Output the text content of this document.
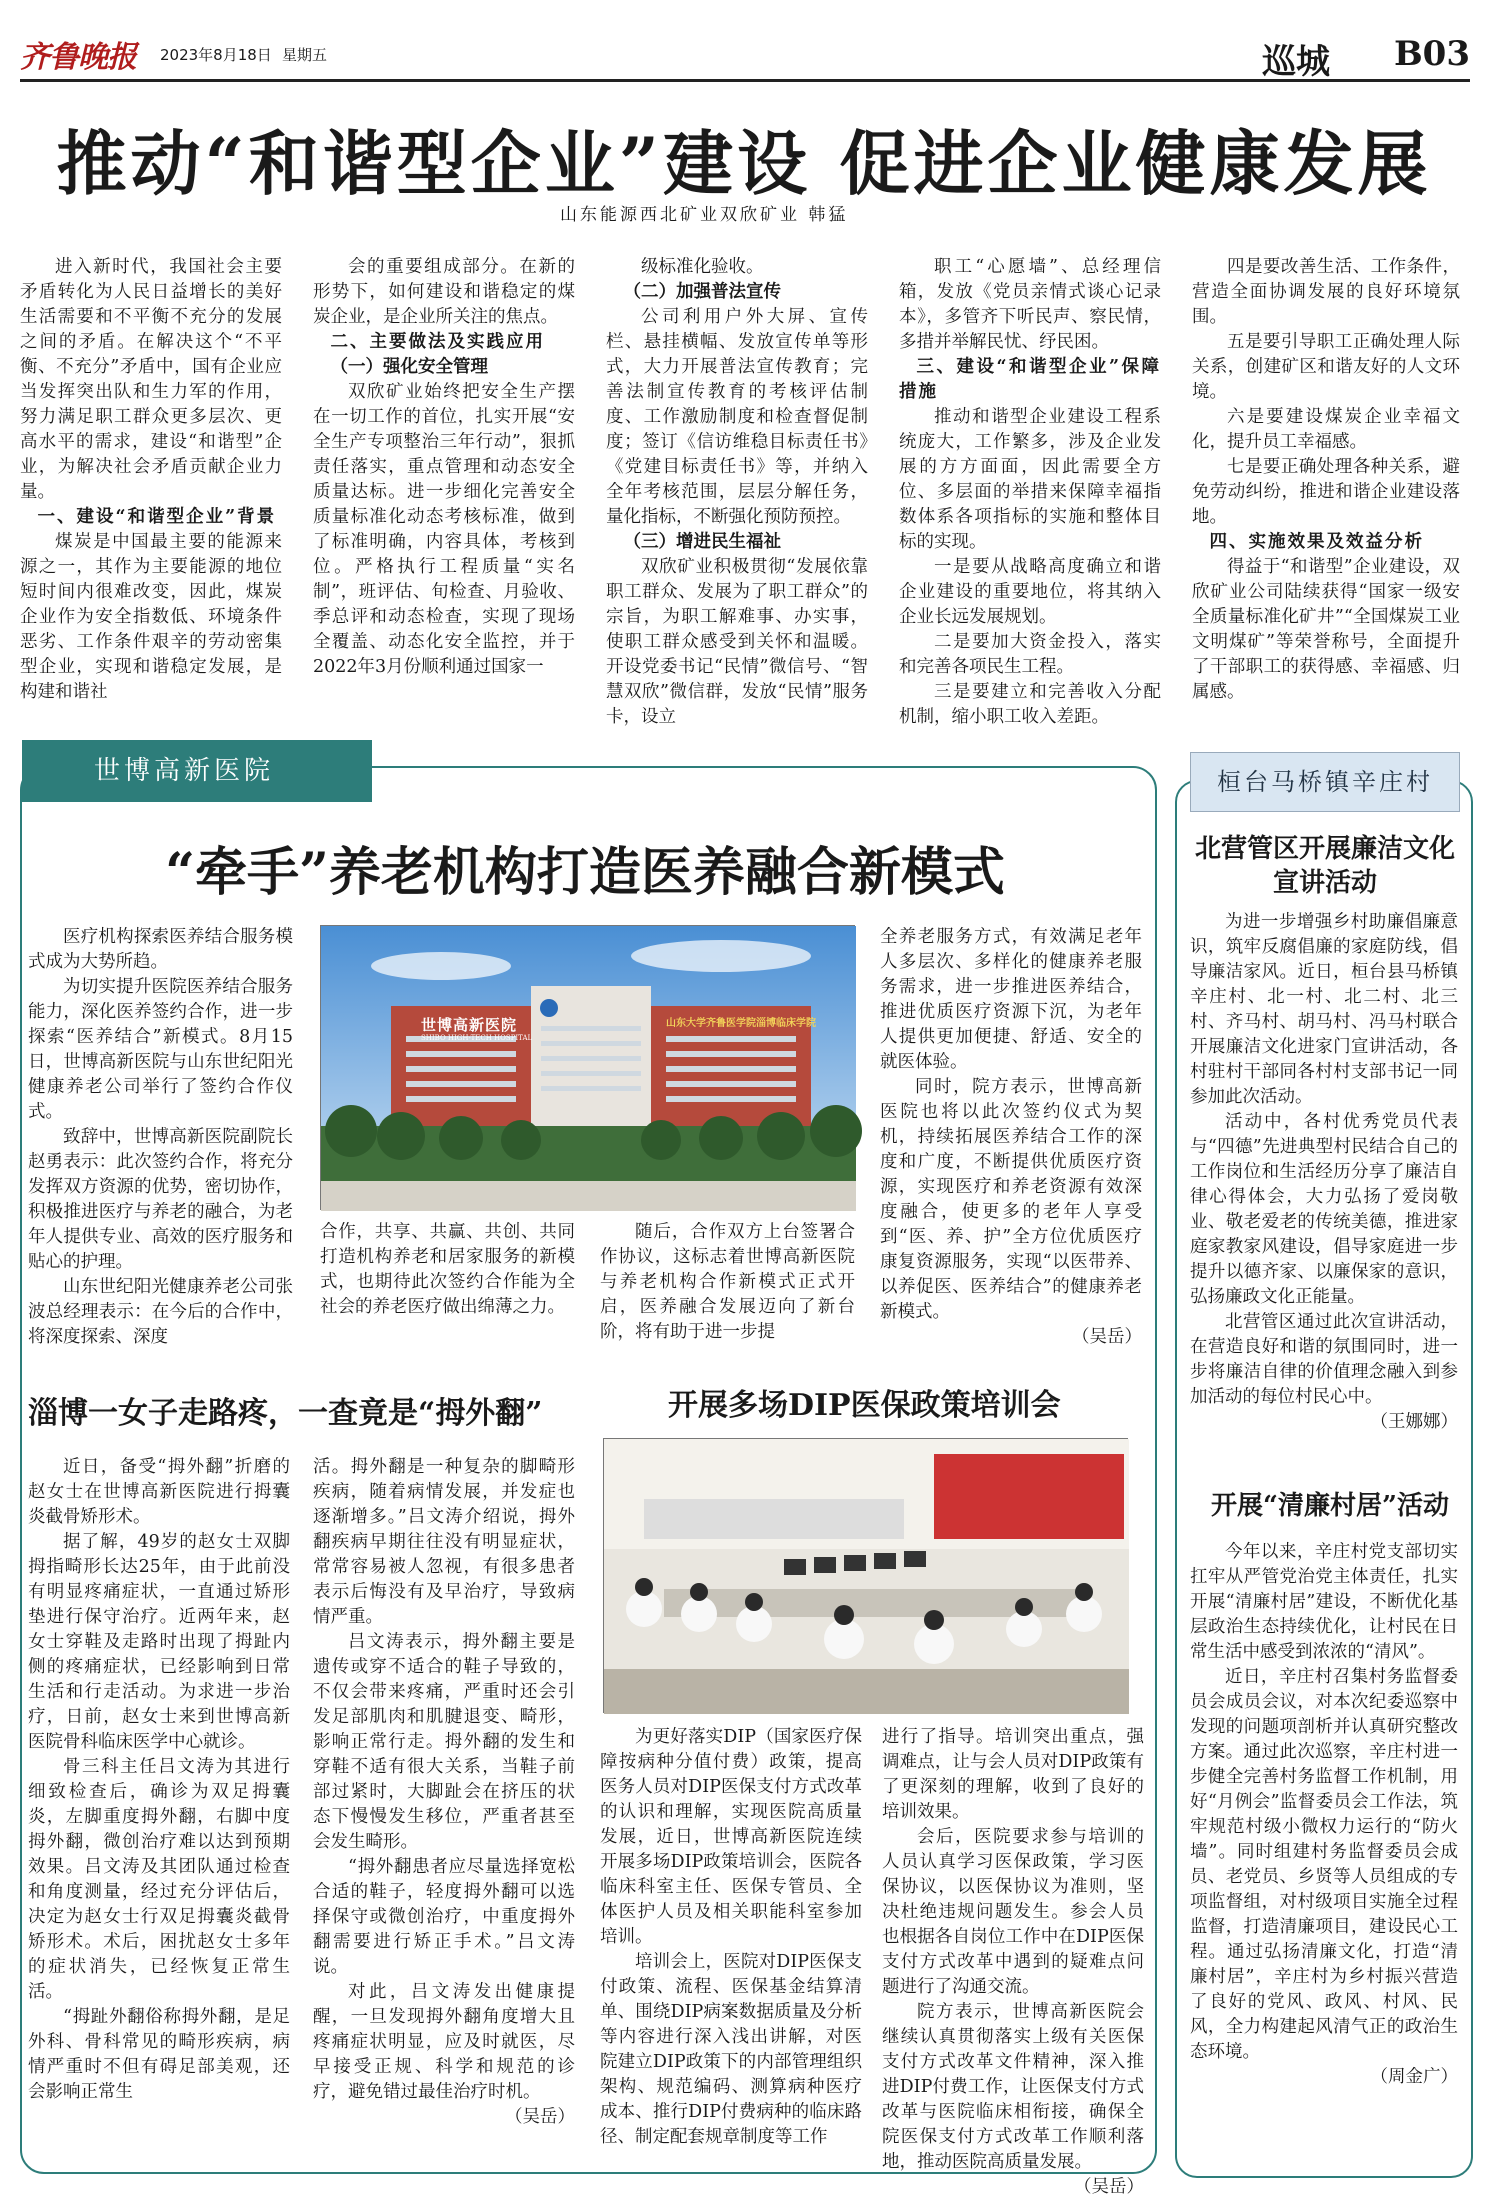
齐鲁晚报 2023年8月18日 星期五	巡城 B03
推动“和谐型企业”建设 促进企业健康发展
山东能源西北矿业双欣矿业 韩猛

进入新时代，我国社会主要矛盾转化为人民日益增长的美好生活需要和不平衡不充分的发展之间的矛盾。在解决这个“不平衡、不充分”矛盾中，国有企业应当发挥突出队和生力军的作用，努力满足职工群众更多层次、更高水平的需求，建设“和谐型”企业，为解决社会矛盾贡献企业力量。

一、建设“和谐型企业”背景

煤炭是中国最主要的能源来源之一，其作为主要能源的地位短时间内很难改变，因此，煤炭企业作为安全指数低、环境条件恶劣、工作条件艰辛的劳动密集型企业，实现和谐稳定发展，是构建和谐社

会的重要组成部分。在新的形势下，如何建设和谐稳定的煤炭企业，是企业所关注的焦点。

二、主要做法及实践应用

（一）强化安全管理

双欣矿业始终把安全生产摆在一切工作的首位，扎实开展“安全生产专项整治三年行动”，狠抓责任落实，重点管理和动态安全质量达标。进一步细化完善安全质量标准化动态考核标准，做到了标准明确，内容具体，考核到位。严格执行工程质量“实名制”，班评估、旬检查、月验收、季总评和动态检查，实现了现场全覆盖、动态化安全监控，并于2022年3月份顺利通过国家一

级标准化验收。

（二）加强普法宣传

公司利用户外大屏、宣传栏、悬挂横幅、发放宣传单等形式，大力开展普法宣传教育；完善法制宣传教育的考核评估制度、工作激励制度和检查督促制度；签订《信访维稳目标责任书》《党建目标责任书》等，并纳入全年考核范围，层层分解任务，量化指标，不断强化预防预控。

（三）增进民生福祉

双欣矿业积极贯彻“发展依靠职工群众、发展为了职工群众”的宗旨，为职工解难事、办实事，使职工群众感受到关怀和温暖。开设党委书记“民情”微信号、“智慧双欣”微信群，发放“民情”服务卡，设立

职工“心愿墙”、总经理信箱，发放《党员亲情式谈心记录本》，多管齐下听民声、察民情，多措并举解民忧、纾民困。

三、建设“和谐型企业”保障措施

推动和谐型企业建设工程系统庞大，工作繁多，涉及企业发展的方方面面，因此需要全方位、多层面的举措来保障幸福指数体系各项指标的实施和整体目标的实现。

一是要从战略高度确立和谐企业建设的重要地位，将其纳入企业长远发展规划。

二是要加大资金投入，落实和完善各项民生工程。

三是要建立和完善收入分配机制，缩小职工收入差距。

四是要改善生活、工作条件，营造全面协调发展的良好环境氛围。

五是要引导职工正确处理人际关系，创建矿区和谐友好的人文环境。

六是要建设煤炭企业幸福文化，提升员工幸福感。

七是要正确处理各种关系，避免劳动纠纷，推进和谐企业建设落地。

四、实施效果及效益分析

得益于“和谐型”企业建设，双欣矿业公司陆续获得“国家一级安全质量标准化矿井”“全国煤炭工业文明煤矿”等荣誉称号，全面提升了干部职工的获得感、幸福感、归属感。

世博高新医院
“牵手”养老机构打造医养融合新模式

医疗机构探索医养结合服务模式成为大势所趋。

为切实提升医院医养结合服务能力，深化医养签约合作，进一步探索“医养结合”新模式。8月15日，世博高新医院与山东世纪阳光健康养老公司举行了签约合作仪式。

致辞中，世博高新医院副院长赵勇表示：此次签约合作，将充分发挥双方资源的优势，密切协作，积极推进医疗与养老的融合，为老年人提供专业、高效的医疗服务和贴心的护理。

山东世纪阳光健康养老公司张波总经理表示：在今后的合作中，将深度探索、深度

世博高新医院
SHIBO HIGH-TECH HOSPITAL
山东大学齐鲁医学院淄博临床学院

合作，共享、共赢、共创、共同打造机构养老和居家服务的新模式，也期待此次签约合作能为全社会的养老医疗做出绵薄之力。

随后，合作双方上台签署合作协议，这标志着世博高新医院与养老机构合作新模式正式开启，医养融合发展迈向了新台阶，将有助于进一步提

全养老服务方式，有效满足老年人多层次、多样化的健康养老服务需求，进一步推进医养结合，推进优质医疗资源下沉，为老年人提供更加便捷、舒适、安全的就医体验。

同时，院方表示，世博高新医院也将以此次签约仪式为契机，持续拓展医养结合工作的深度和广度，不断提供优质医疗资源，实现医疗和养老资源有效深度融合，使更多的老年人享受到“医、养、护”全方位优质医疗康复资源服务，实现“以医带养、以养促医、医养结合”的健康养老新模式。

（吴岳）
淄博一女子走路疼，一查竟是“拇外翻”

近日，备受“拇外翻”折磨的赵女士在世博高新医院进行拇囊炎截骨矫形术。

据了解，49岁的赵女士双脚拇指畸形长达25年，由于此前没有明显疼痛症状，一直通过矫形垫进行保守治疗。近两年来，赵女士穿鞋及走路时出现了拇趾内侧的疼痛症状，已经影响到日常生活和行走活动。为求进一步治疗，日前，赵女士来到世博高新医院骨科临床医学中心就诊。

骨三科主任吕文涛为其进行细致检查后，确诊为双足拇囊炎，左脚重度拇外翻，右脚中度拇外翻，微创治疗难以达到预期效果。吕文涛及其团队通过检查和角度测量，经过充分评估后，决定为赵女士行双足拇囊炎截骨矫形术。术后，困扰赵女士多年的症状消失，已经恢复正常生活。

“拇趾外翻俗称拇外翻，是足外科、骨科常见的畸形疾病，病情严重时不但有碍足部美观，还会影响正常生

活。拇外翻是一种复杂的脚畸形疾病，随着病情发展，并发症也逐渐增多。”吕文涛介绍说，拇外翻疾病早期往往没有明显症状，常常容易被人忽视，有很多患者表示后悔没有及早治疗，导致病情严重。

吕文涛表示，拇外翻主要是遗传或穿不适合的鞋子导致的，不仅会带来疼痛，严重时还会引发足部肌肉和肌腱退变、畸形，影响正常行走。拇外翻的发生和穿鞋不适有很大关系，当鞋子前部过紧时，大脚趾会在挤压的状态下慢慢发生移位，严重者甚至会发生畸形。

“拇外翻患者应尽量选择宽松合适的鞋子，轻度拇外翻可以选择保守或微创治疗，中重度拇外翻需要进行矫正手术。”吕文涛说。

对此，吕文涛发出健康提醒，一旦发现拇外翻角度增大且疼痛症状明显，应及时就医，尽早接受正规、科学和规范的诊疗，避免错过最佳治疗时机。

（吴岳）
开展多场DIP医保政策培训会

为更好落实DIP（国家医疗保障按病种分值付费）政策，提高医务人员对DIP医保支付方式改革的认识和理解，实现医院高质量发展，近日，世博高新医院连续开展多场DIP政策培训会，医院各临床科室主任、医保专管员、全体医护人员及相关职能科室参加培训。

培训会上，医院对DIP医保支付政策、流程、医保基金结算清单、围绕DIP病案数据质量及分析等内容进行深入浅出讲解，对医院建立DIP政策下的内部管理组织架构、规范编码、测算病种医疗成本、推行DIP付费病种的临床路径、制定配套规章制度等工作

进行了指导。培训突出重点，强调难点，让与会人员对DIP政策有了更深刻的理解，收到了良好的培训效果。

会后，医院要求参与培训的人员认真学习医保政策，学习医保协议，以医保协议为准则，坚决杜绝违规问题发生。参会人员也根据各自岗位工作中在DIP医保支付方式改革中遇到的疑难点问题进行了沟通交流。

院方表示，世博高新医院会继续认真贯彻落实上级有关医保支付方式改革文件精神，深入推进DIP付费工作，让医保支付方式改革与医院临床相衔接，确保全院医保支付方式改革工作顺利落地，推动医院高质量发展。

（吴岳）
桓台马桥镇辛庄村
北营管区开展廉洁文化宣讲活动

为进一步增强乡村助廉倡廉意识，筑牢反腐倡廉的家庭防线，倡导廉洁家风。近日，桓台县马桥镇辛庄村、北一村、北二村、北三村、齐马村、胡马村、冯马村联合开展廉洁文化进家门宣讲活动，各村驻村干部同各村村支部书记一同参加此次活动。

活动中，各村优秀党员代表与“四德”先进典型村民结合自己的工作岗位和生活经历分享了廉洁自律心得体会，大力弘扬了爱岗敬业、敬老爱老的传统美德，推进家庭家教家风建设，倡导家庭进一步提升以德齐家、以廉保家的意识，弘扬廉政文化正能量。

北营管区通过此次宣讲活动，在营造良好和谐的氛围同时，进一步将廉洁自律的价值理念融入到参加活动的每位村民心中。

（王娜娜）
开展“清廉村居”活动

今年以来，辛庄村党支部切实扛牢从严管党治党主体责任，扎实开展“清廉村居”建设，不断优化基层政治生态持续优化，让村民在日常生活中感受到浓浓的“清风”。

近日，辛庄村召集村务监督委员会成员会议，对本次纪委巡察中发现的问题项剖析并认真研究整改方案。通过此次巡察，辛庄村进一步健全完善村务监督工作机制，用好“月例会”监督委员会工作法，筑牢规范村级小微权力运行的“防火墙”。同时组建村务监督委员会成员、老党员、乡贤等人员组成的专项监督组，对村级项目实施全过程监督，打造清廉项目，建设民心工程。通过弘扬清廉文化，打造“清廉村居”，辛庄村为乡村振兴营造了良好的党风、政风、村风、民风，全力构建起风清气正的政治生态环境。

（周金广）
